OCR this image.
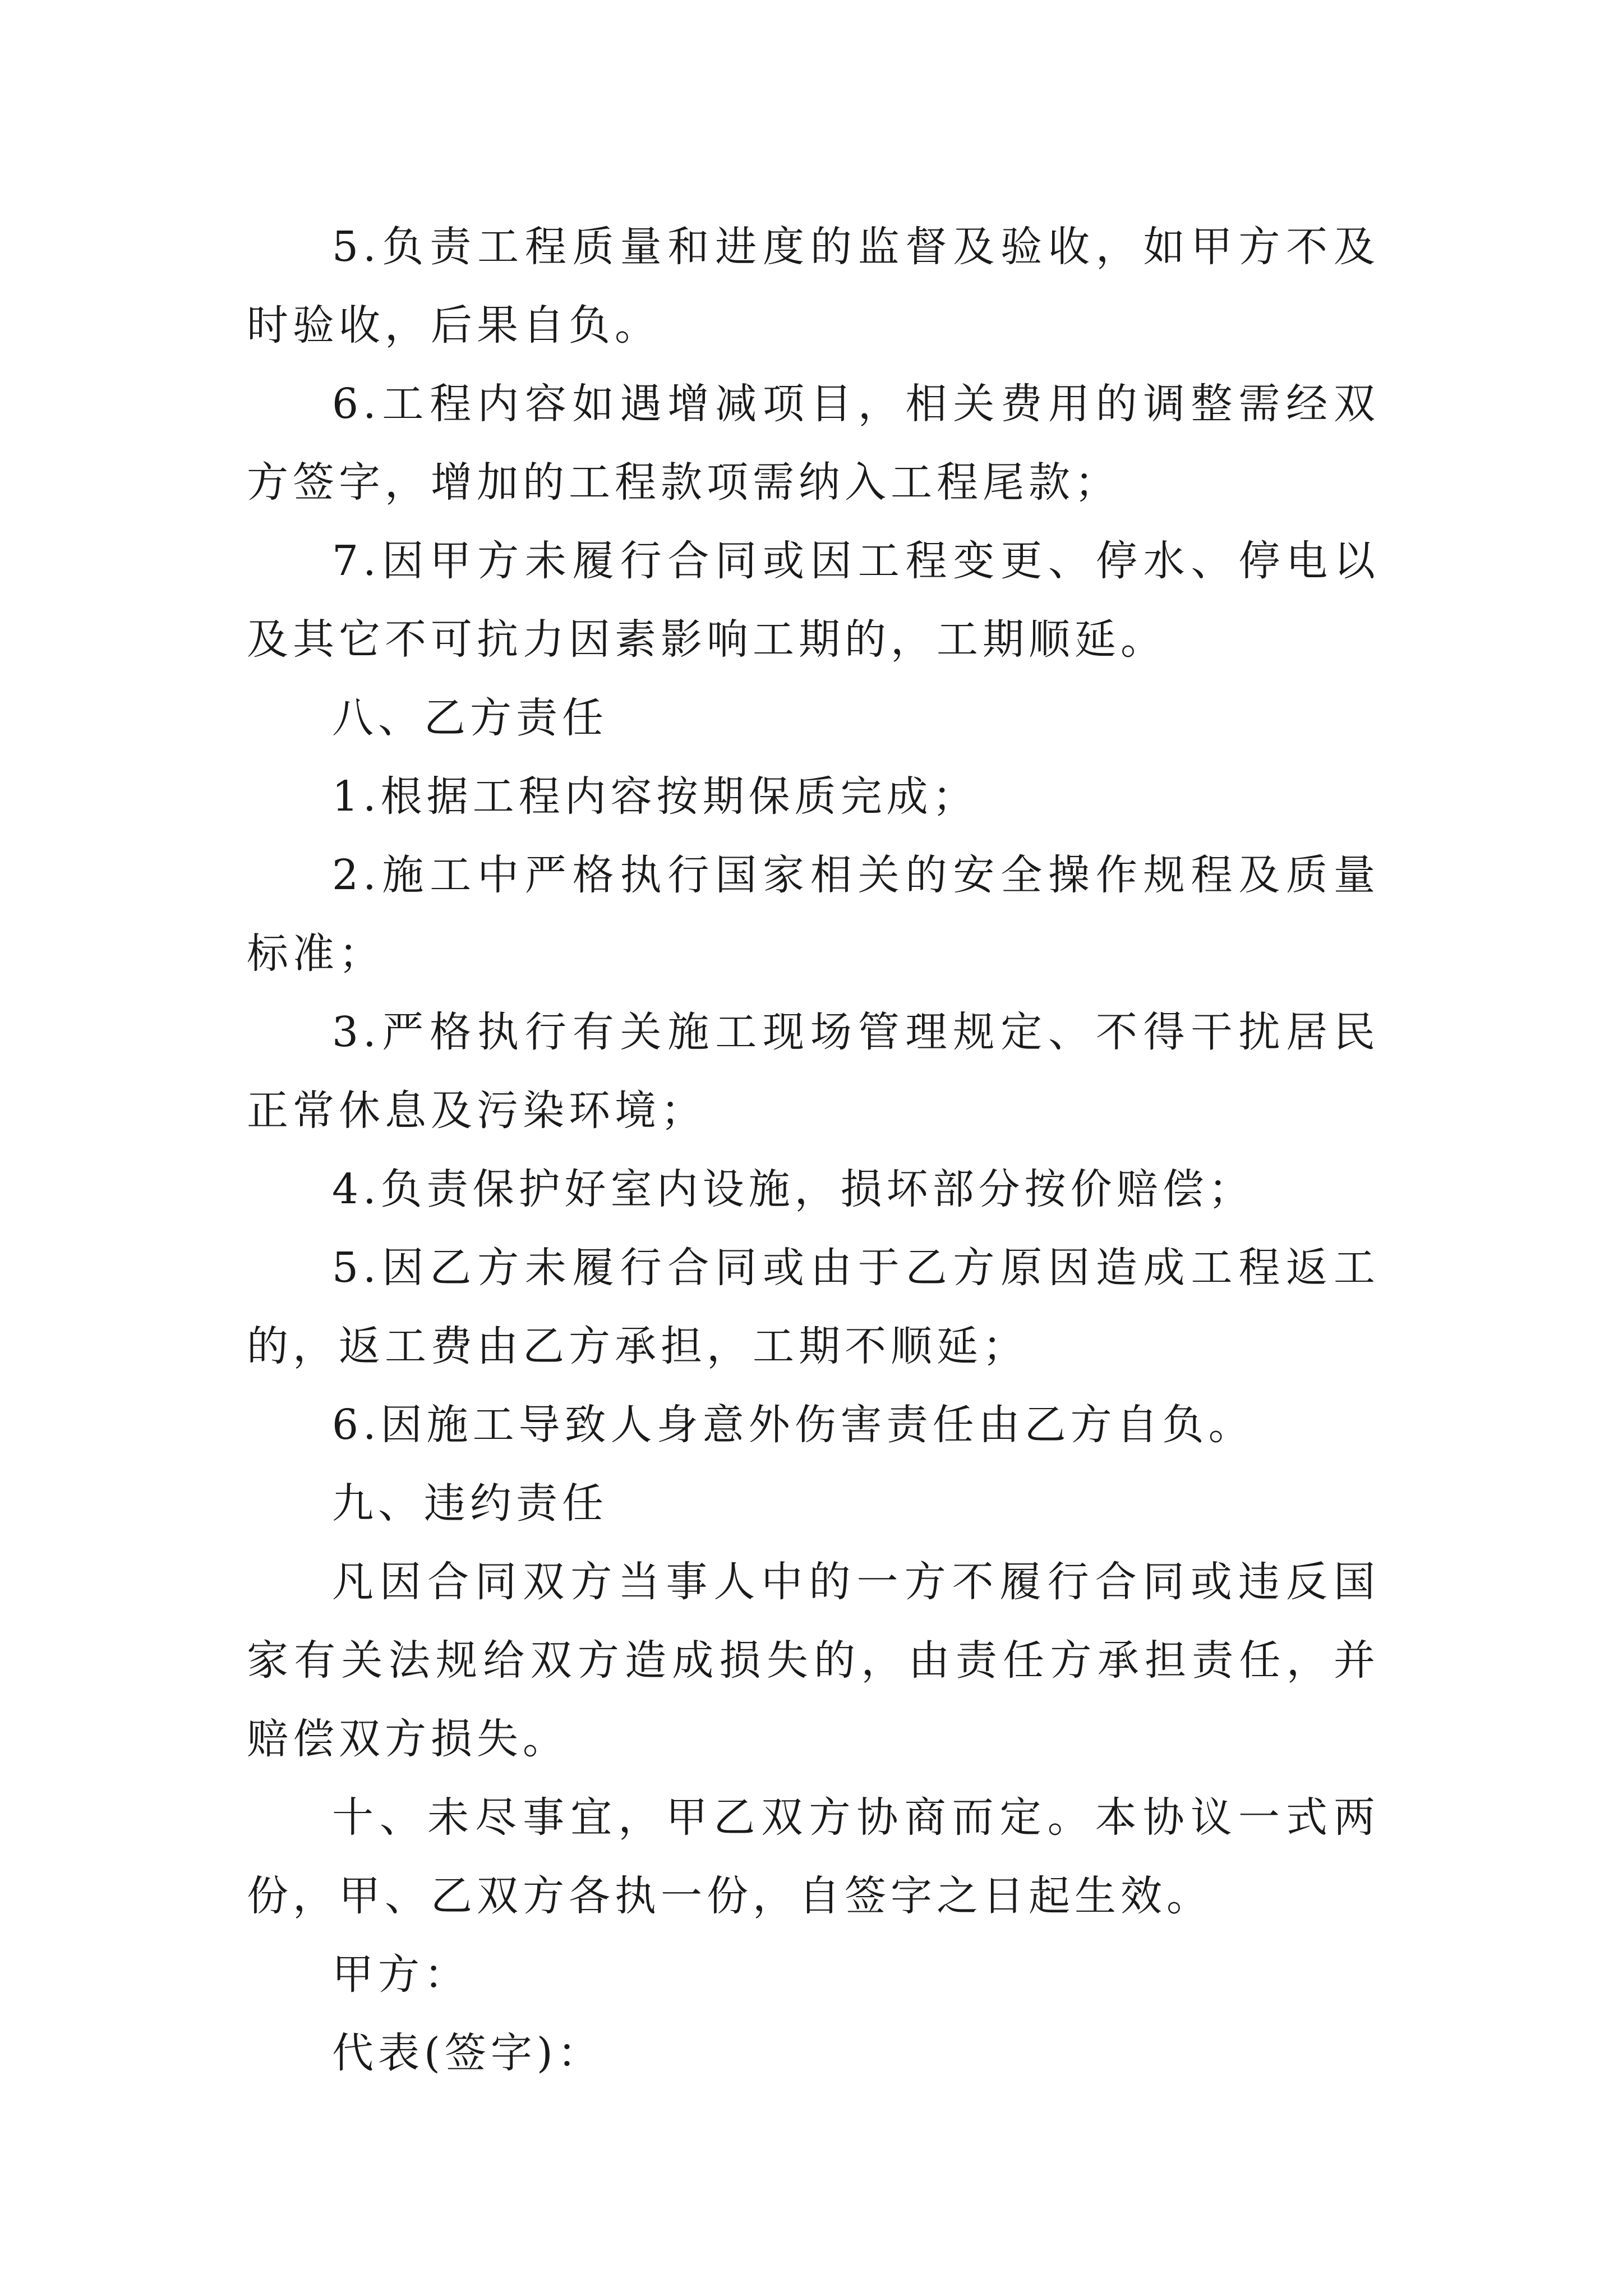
5.负责工程质量和进度的监督及验收，如甲方不及时验收，后果自负。

6.工程内容如遇增减项目，相关费用的调整需经双方签字，增加的工程款项需纳入工程尾款；

7.因甲方未履行合同或因工程变更、停水、停电以及其它不可抗力因素影响工期的，工期顺延。

八、乙方责任

1.根据工程内容按期保质完成；

2.施工中严格执行国家相关的安全操作规程及质量标准；

3.严格执行有关施工现场管理规定、不得干扰居民正常休息及污染环境；

4.负责保护好室内设施，损坏部分按价赔偿；

5.因乙方未履行合同或由于乙方原因造成工程返工的，返工费由乙方承担，工期不顺延；

6.因施工导致人身意外伤害责任由乙方自负。

九、违约责任

凡因合同双方当事人中的一方不履行合同或违反国家有关法规给双方造成损失的，由责任方承担责任，并赔偿双方损失。

十、未尽事宜，甲乙双方协商而定。本协议一式两份，甲、乙双方各执一份，自签字之日起生效。

甲方：

代表(签字)：
